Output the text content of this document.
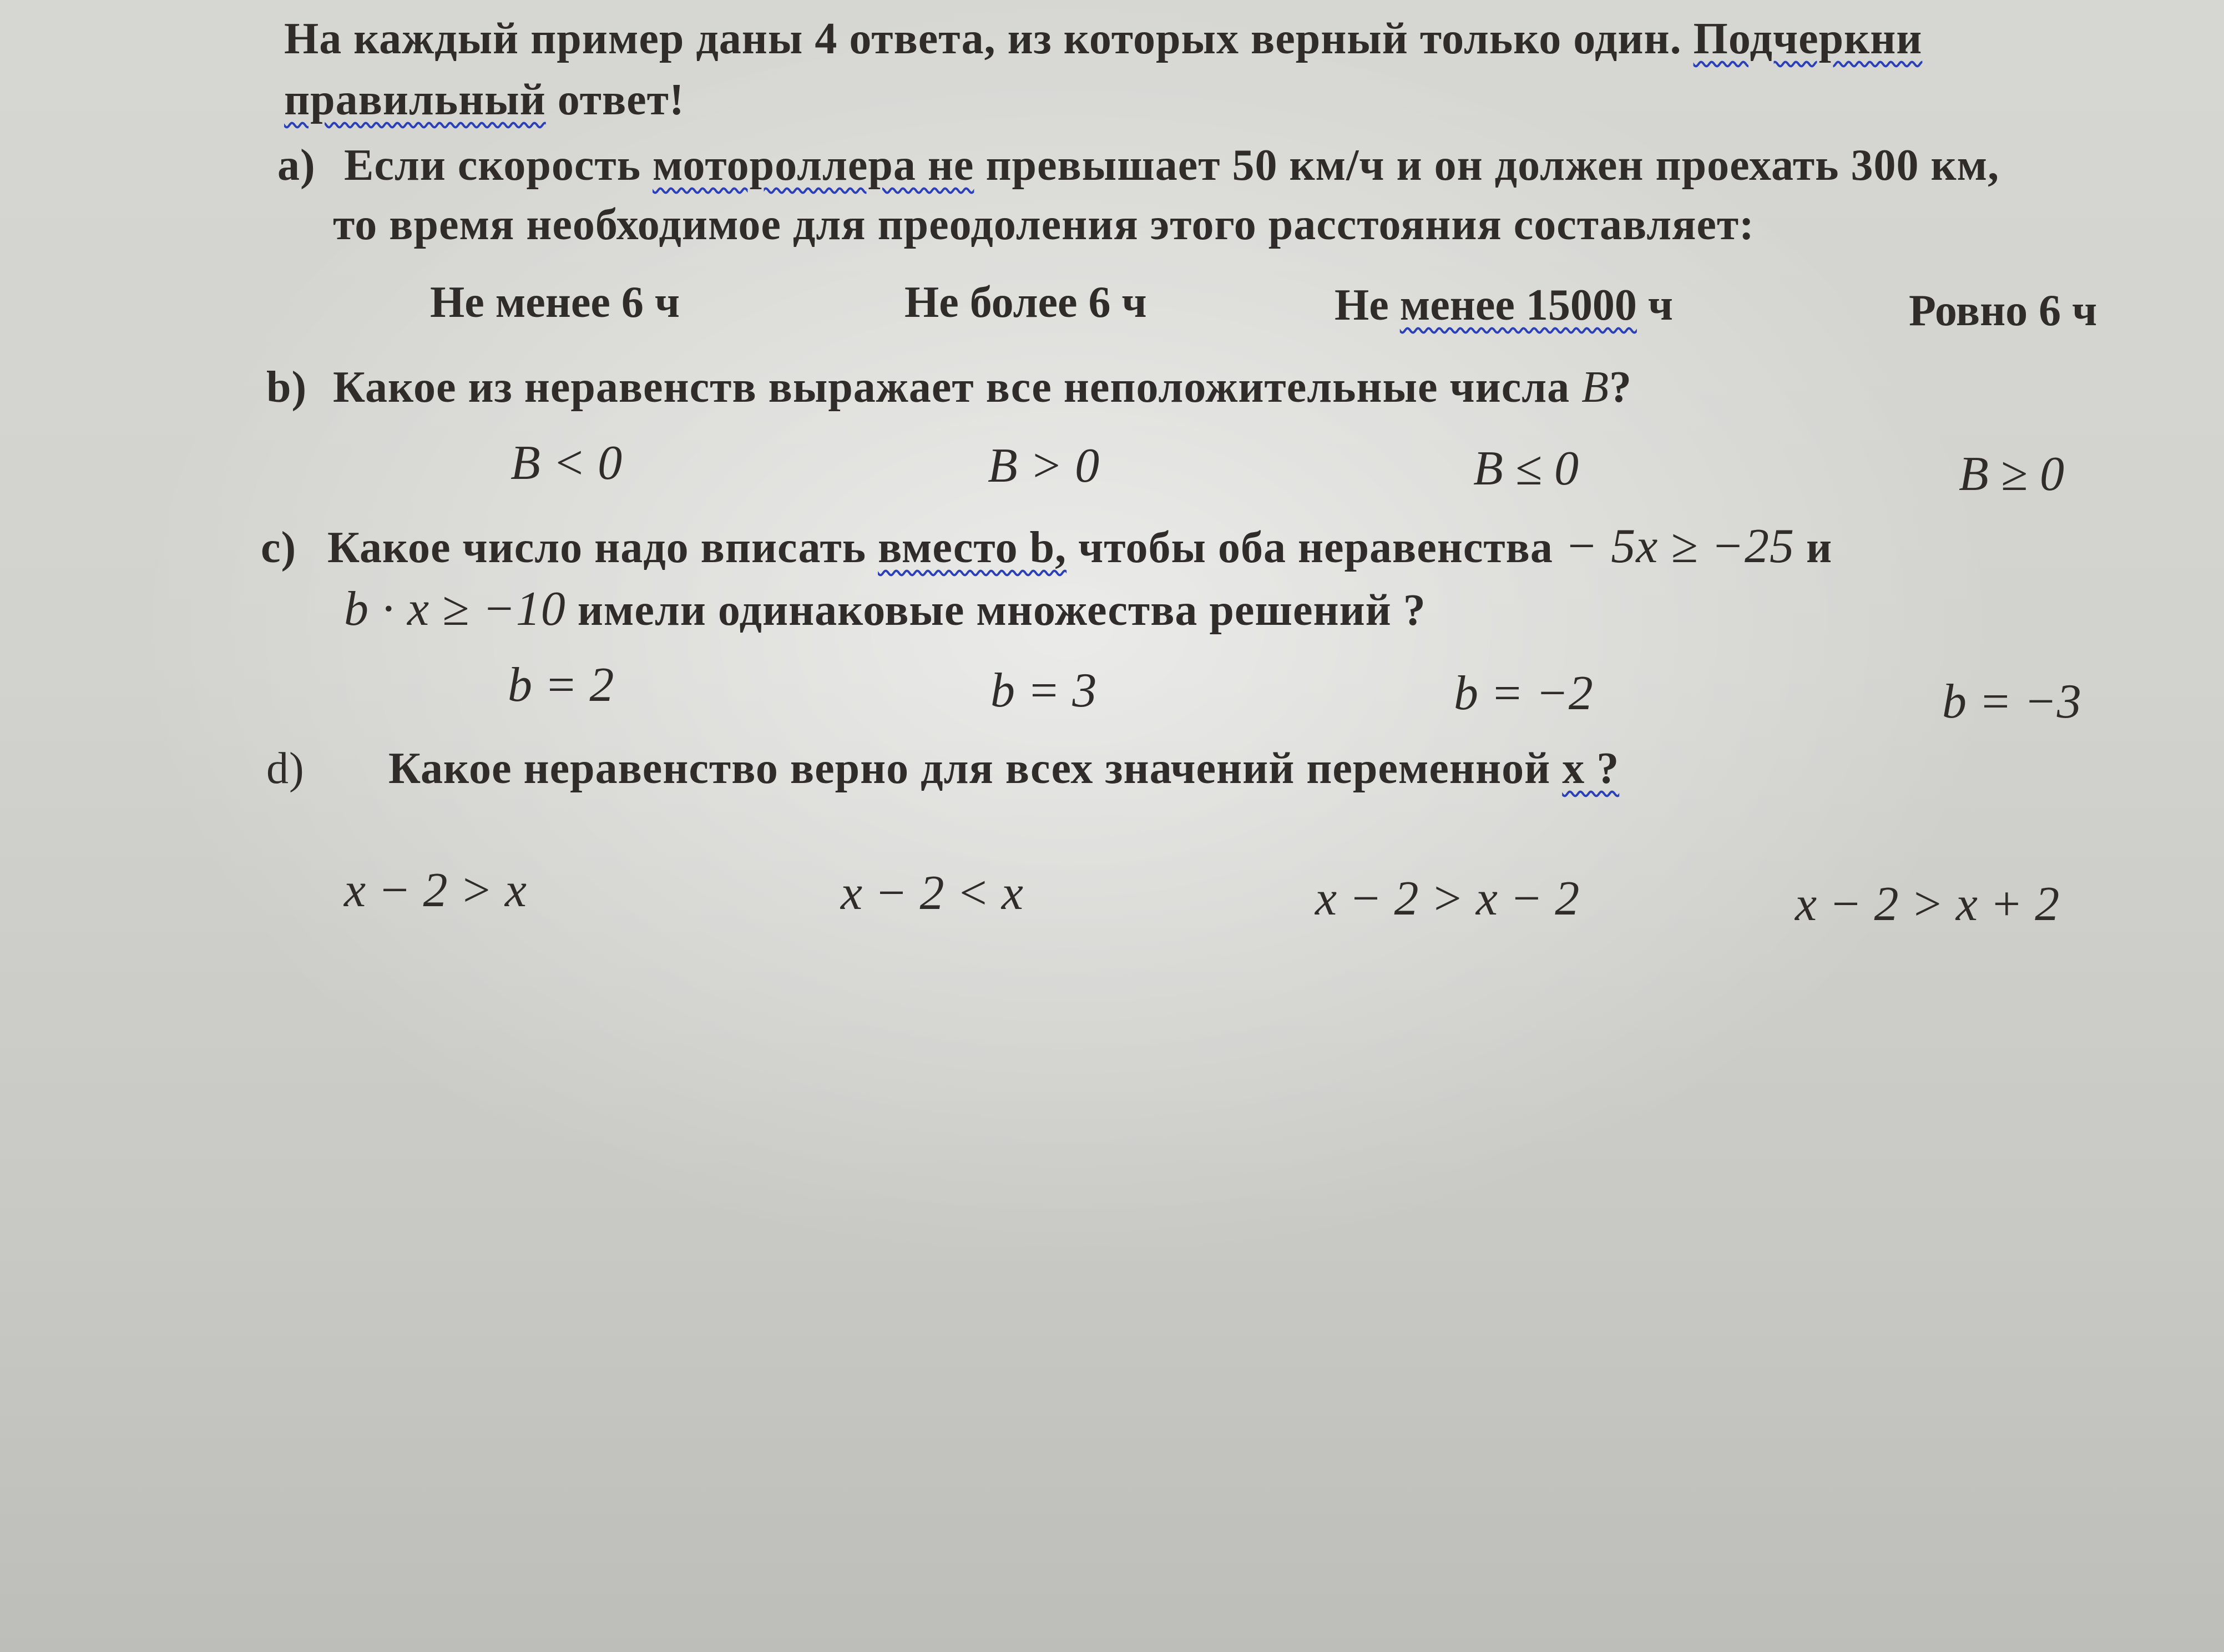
На каждый пример даны 4 ответа, из которых верный только один. Подчеркни
правильный ответ!
а) Если скорость мотороллера не превышает 50 км/ч и он должен проехать 300 км,
то время необходимое для преодоления этого расстояния составляет:
Не менее 6 ч	Не более 6 ч	Не менее 15000 ч	Ровно 6 ч
b) Какое из неравенств выражает все неположительные числа B?
B < 0	B > 0	B ≤ 0	B ≥ 0
c) Какое число надо вписать вместо b, чтобы оба неравенства − 5x ≥ −25 и
b · x ≥ −10 имели одинаковые множества решений ?
b = 2	b = 3	b = −2	b = −3
d) Какое неравенство верно для всех значений переменной x ?
x − 2 > x	x − 2 < x	x − 2 > x − 2	x − 2 > x + 2
